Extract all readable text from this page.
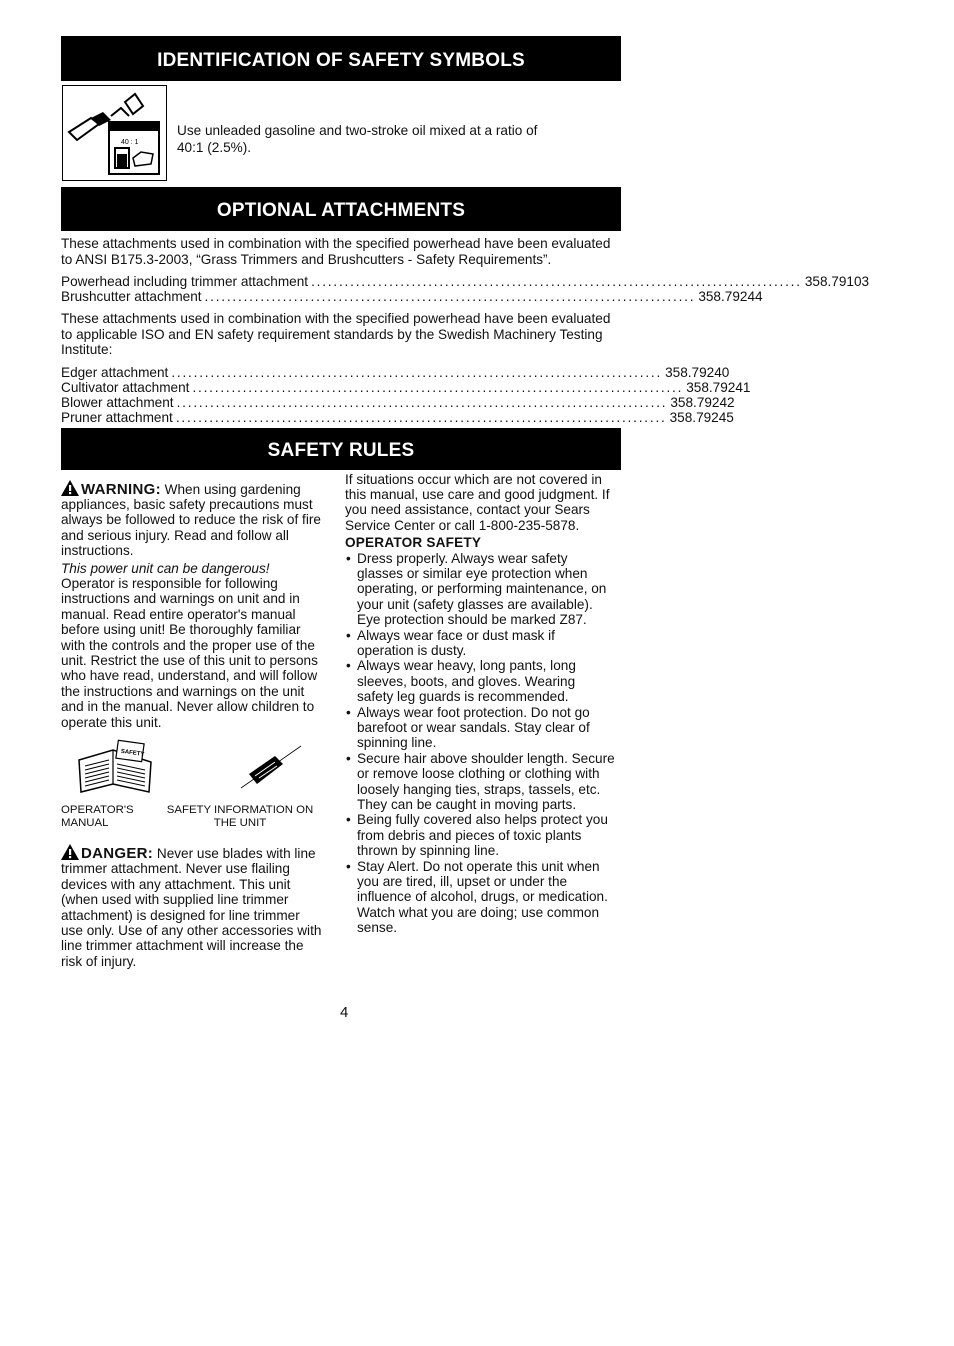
IDENTIFICATION OF SAFETY SYMBOLS
40 : 1
Use unleaded gasoline and two-stroke oil mixed at a ratio of 40:1 (2.5%).
OPTIONAL ATTACHMENTS

These attachments used in combination with the specified powerhead have been evaluated to ANSI B175.3-2003, “Grass Trimmers and Brushcutters - Safety Requirements”.

Powerhead including trimmer attachment ........................................................................................ 358.79103
Brushcutter attachment ........................................................................................ 358.79244

These attachments used in combination with the specified powerhead have been evaluated to applicable ISO and EN safety requirement standards by the Swedish Machinery Testing Institute:

Edger attachment ........................................................................................ 358.79240
Cultivator attachment ........................................................................................ 358.79241
Blower attachment ........................................................................................ 358.79242
Pruner attachment ........................................................................................ 358.79245
SAFETY RULES

WARNING: When using gardening appliances, basic safety precautions must always be followed to reduce the risk of fire and serious injury. Read and follow all instructions.

This power unit can be dangerous!

Operator is responsible for following instructions and warnings on unit and in manual. Read entire operator's manual before using unit! Be thoroughly familiar with the controls and the proper use of the unit. Restrict the use of this unit to persons who have read, understand, and will follow the instructions and warnings on the unit and in the manual. Never allow children to operate this unit.

SAFETY
OPERATOR'S MANUAL
SAFETY INFORMATION ON THE UNIT

DANGER: Never use blades with line trimmer attachment. Never use flailing devices with any attachment. This unit (when used with supplied line trimmer attachment) is designed for line trimmer use only. Use of any other accessories with line trimmer attachment will increase the risk of injury.

If situations occur which are not covered in this manual, use care and good judgment. If you need assistance, contact your Sears Service Center or call 1-800-235-5878.

OPERATOR SAFETY
• Dress properly. Always wear safety glasses or similar eye protection when operating, or performing maintenance, on your unit (safety glasses are available). Eye protection should be marked Z87.
• Always wear face or dust mask if operation is dusty.
• Always wear heavy, long pants, long sleeves, boots, and gloves. Wearing safety leg guards is recommended.
• Always wear foot protection. Do not go barefoot or wear sandals. Stay clear of spinning line.
• Secure hair above shoulder length. Secure or remove loose clothing or clothing with loosely hanging ties, straps, tassels, etc. They can be caught in moving parts.
• Being fully covered also helps protect you from debris and pieces of toxic plants thrown by spinning line.
• Stay Alert. Do not operate this unit when you are tired, ill, upset or under the influence of alcohol, drugs, or medication. Watch what you are doing; use common sense.
4
